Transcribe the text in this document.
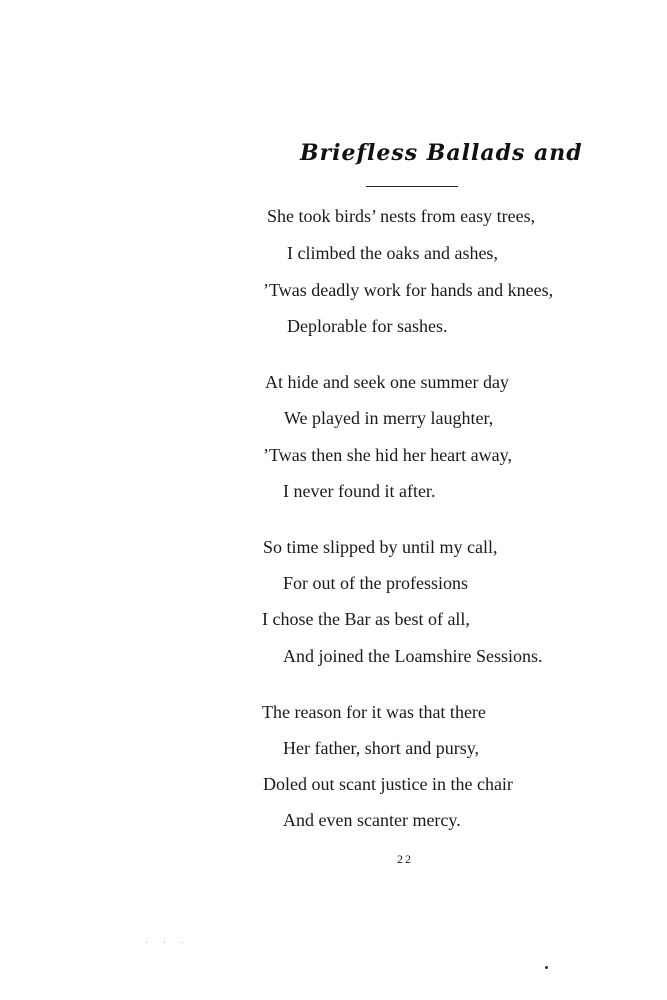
Briefless Ballads and
She took birds’ nests from easy trees,
I climbed the oaks and ashes,
’Twas deadly work for hands and knees,
Deplorable for sashes.
At hide and seek one summer day
We played in merry laughter,
’Twas then she hid her heart away,
I never found it after.
So time slipped by until my call,
For out of the professions
I chose the Bar as best of all,
And joined the Loamshire Sessions.
The reason for it was that there
Her father, short and pursy,
Doled out scant justice in the chair
And even scanter mercy.
22
· · ·
